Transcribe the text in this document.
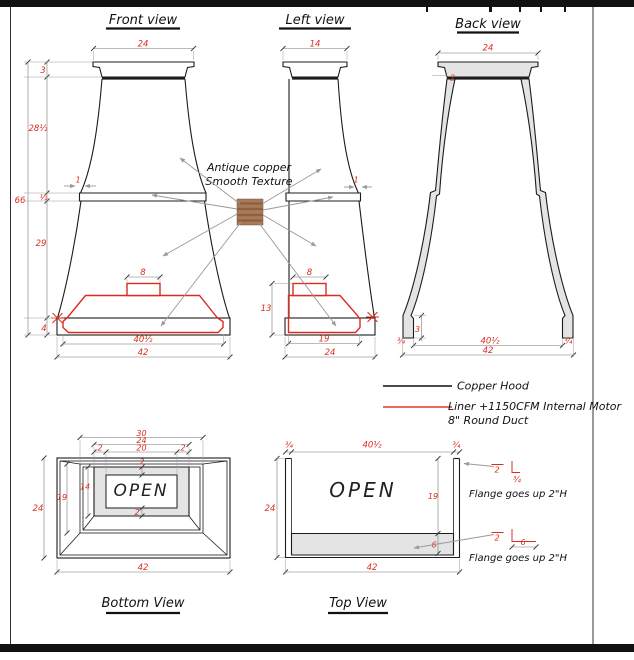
Front view
24
8
66
3
28½
½
29
4
1
40½
42
Left view
14
8
13
1
19
24
Back view
24
2
3
¾	40½	¾
42
Antique copper
Smooth Texture
Copper Hood
Liner +1150CFM Internal Motor
8" Round Duct
OPEN
30
24
2	20	2
24
19
14
2
2
42
Bottom View
OPEN
¾	40½	¾
24
19
6
42
Top View
2
¾
Flange goes up 2"H
2	6
Flange goes up 2"H
